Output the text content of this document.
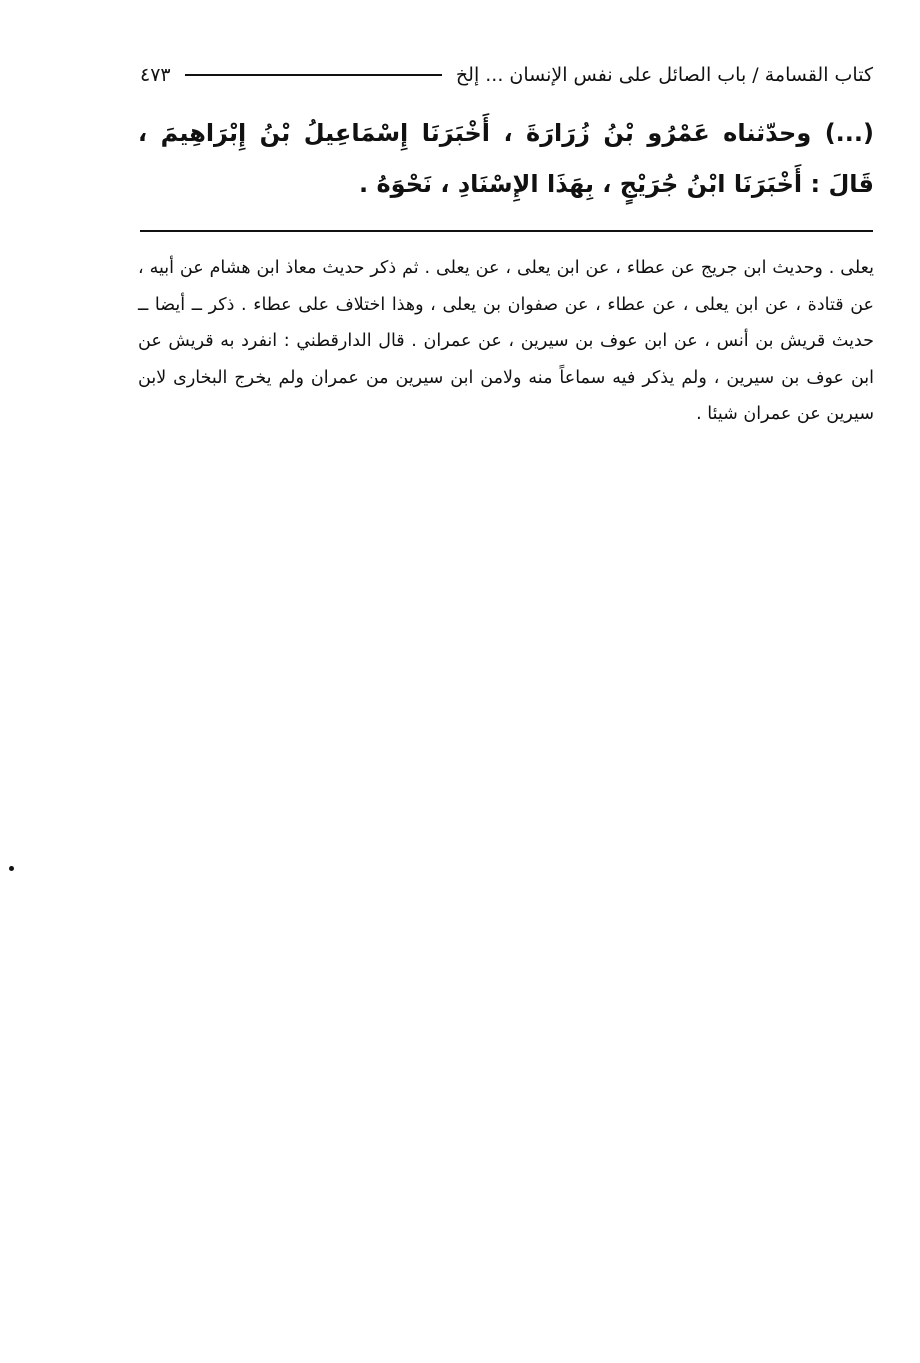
٤٧٣	كتاب القسامة / باب الصائل على نفس الإنسان ... إلخ
(...) وحدّثناه عَمْرُو بْنُ زُرَارَةَ ، أَخْبَرَنَا إِسْمَاعِيلُ بْنُ إِبْرَاهِيمَ ، قَالَ : أَخْبَرَنَا ابْنُ جُرَيْجٍ ، بِهَذَا الإِسْنَادِ ، نَحْوَهُ .
يعلى . وحديث ابن جريج عن عطاء ، عن ابن يعلى ، عن يعلى . ثم ذكر حديث معاذ ابن هشام عن أبيه ، عن قتادة ، عن ابن يعلى ، عن عطاء ، عن صفوان بن يعلى ، وهذا اختلاف على عطاء . ذكر ــ أيضا ــ حديث قريش بن أنس ، عن ابن عوف بن سيرين ، عن عمران . قال الدارقطني : انفرد به قريش عن ابن عوف بن سيرين ، ولم يذكر فيه سماعاً منه ولامن ابن سيرين من عمران ولم يخرج البخارى لابن سيرين عن عمران شيئا .
